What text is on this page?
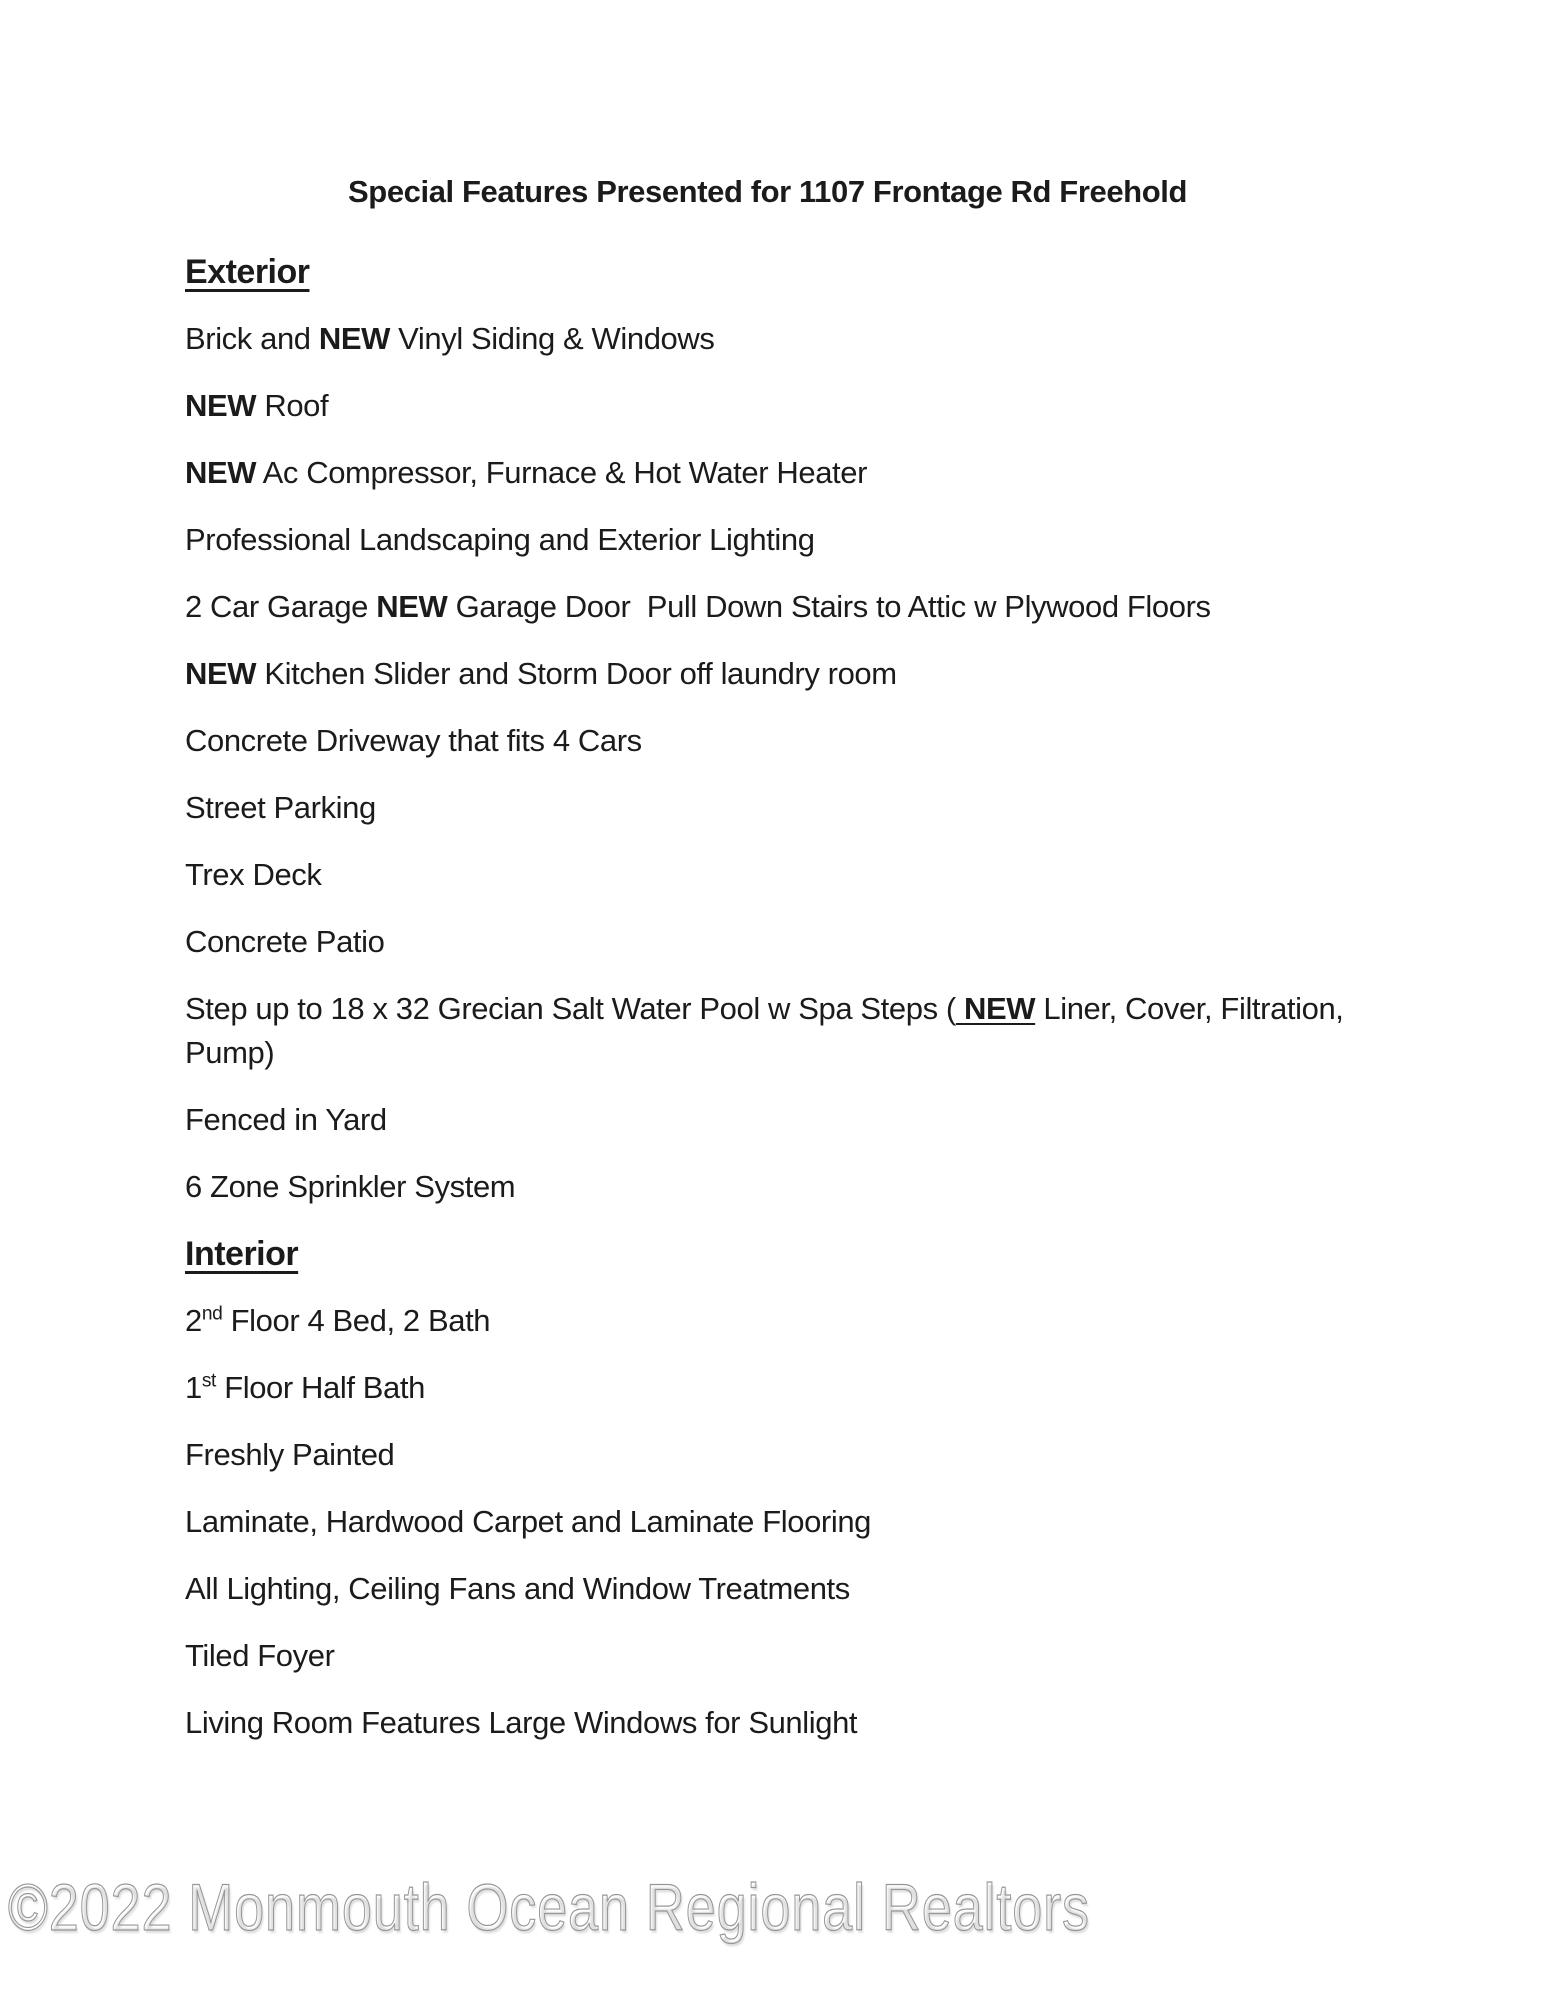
Special Features Presented for 1107 Frontage Rd Freehold
Exterior

Brick and NEW Vinyl Siding & Windows

NEW Roof

NEW Ac Compressor, Furnace & Hot Water Heater

Professional Landscaping and Exterior Lighting

2 Car Garage NEW Garage Door  Pull Down Stairs to Attic w Plywood Floors

NEW Kitchen Slider and Storm Door off laundry room

Concrete Driveway that fits 4 Cars

Street Parking

Trex Deck

Concrete Patio

Step up to 18 x 32 Grecian Salt Water Pool w Spa Steps ( NEW Liner, Cover, Filtration, Pump)

Fenced in Yard

6 Zone Sprinkler System

Interior

2nd Floor 4 Bed, 2 Bath

1st Floor Half Bath

Freshly Painted

Laminate, Hardwood Carpet and Laminate Flooring

All Lighting, Ceiling Fans and Window Treatments

Tiled Foyer

Living Room Features Large Windows for Sunlight

©2022 Monmouth Ocean Regional Realtors
